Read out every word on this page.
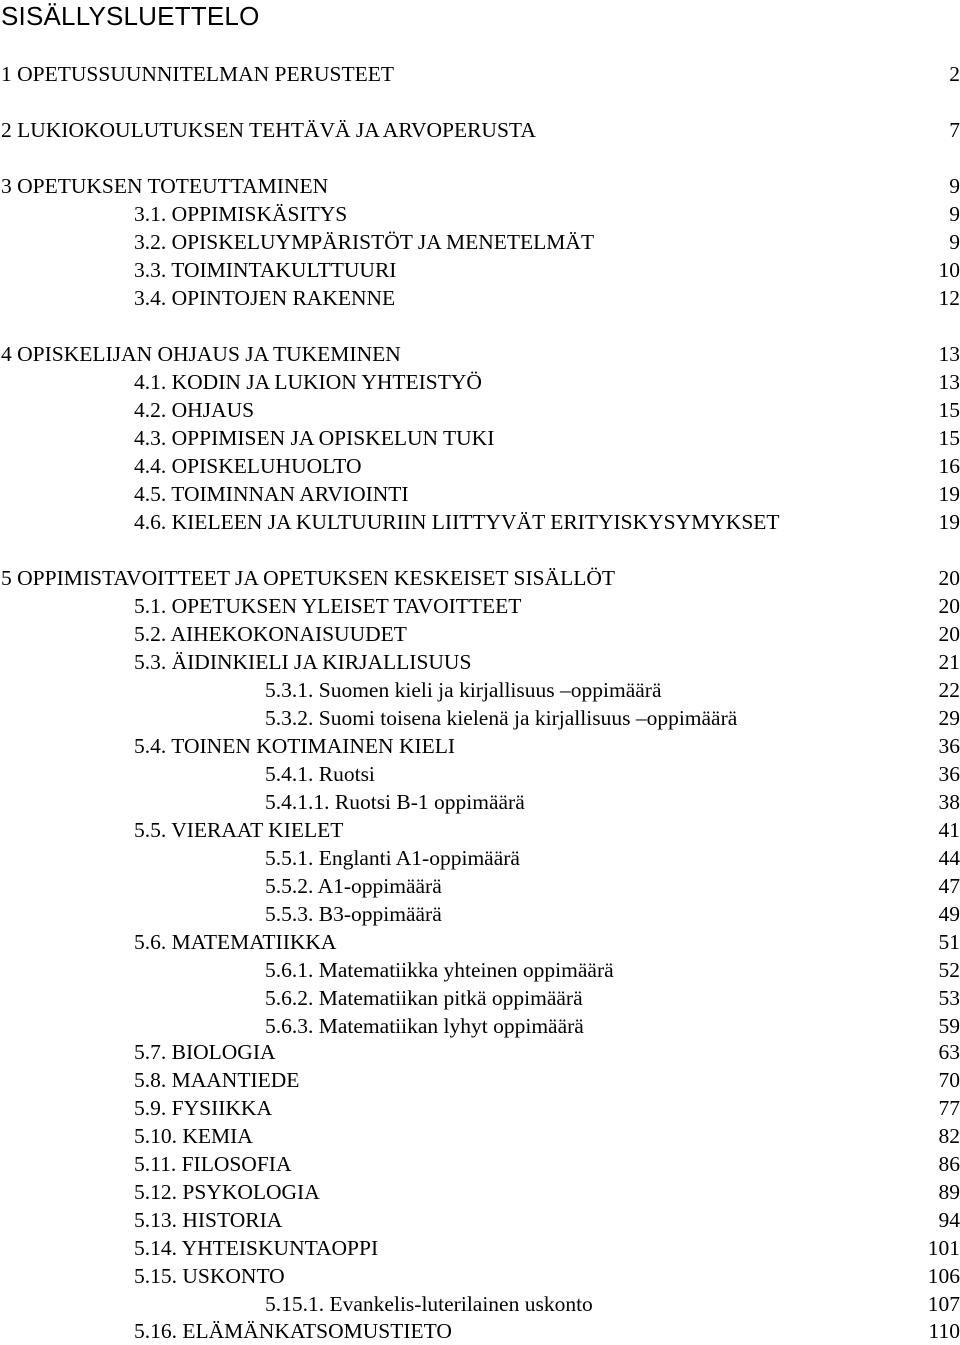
SISÄLLYSLUETTELO
1 OPETUSSUUNNITELMAN PERUSTEET	2
2 LUKIOKOULUTUKSEN TEHTÄVÄ JA ARVOPERUSTA	7
3 OPETUKSEN TOTEUTTAMINEN	9
3.1. OPPIMISKÄSITYS	9
3.2. OPISKELUYMPÄRISTÖT JA MENETELMÄT	9
3.3. TOIMINTAKULTTUURI	10
3.4. OPINTOJEN RAKENNE	12
4 OPISKELIJAN OHJAUS JA TUKEMINEN	13
4.1. KODIN JA LUKION YHTEISTYÖ	13
4.2. OHJAUS	15
4.3. OPPIMISEN JA OPISKELUN TUKI	15
4.4. OPISKELUHUOLTO	16
4.5. TOIMINNAN ARVIOINTI	19
4.6. KIELEEN JA KULTUURIIN LIITTYVÄT ERITYISKYSYMYKSET	19
5 OPPIMISTAVOITTEET JA OPETUKSEN KESKEISET SISÄLLÖT	20
5.1. OPETUKSEN YLEISET TAVOITTEET	20
5.2. AIHEKOKONAISUUDET	20
5.3. ÄIDINKIELI JA KIRJALLISUUS	21
5.3.1. Suomen kieli ja kirjallisuus –oppimäärä	22
5.3.2. Suomi toisena kielenä ja kirjallisuus –oppimäärä	29
5.4. TOINEN KOTIMAINEN KIELI	36
5.4.1. Ruotsi	36
5.4.1.1. Ruotsi B-1 oppimäärä	38
5.5. VIERAAT KIELET	41
5.5.1. Englanti A1-oppimäärä	44
5.5.2. A1-oppimäärä	47
5.5.3. B3-oppimäärä	49
5.6. MATEMATIIKKA	51
5.6.1. Matematiikka yhteinen oppimäärä	52
5.6.2. Matematiikan pitkä oppimäärä	53
5.6.3. Matematiikan lyhyt oppimäärä	59
5.7. BIOLOGIA	63
5.8. MAANTIEDE	70
5.9. FYSIIKKA	77
5.10. KEMIA	82
5.11. FILOSOFIA	86
5.12. PSYKOLOGIA	89
5.13. HISTORIA	94
5.14. YHTEISKUNTAOPPI	101
5.15. USKONTO	106
5.15.1. Evankelis-luterilainen uskonto	107
5.16. ELÄMÄNKATSOMUSTIETO	110
